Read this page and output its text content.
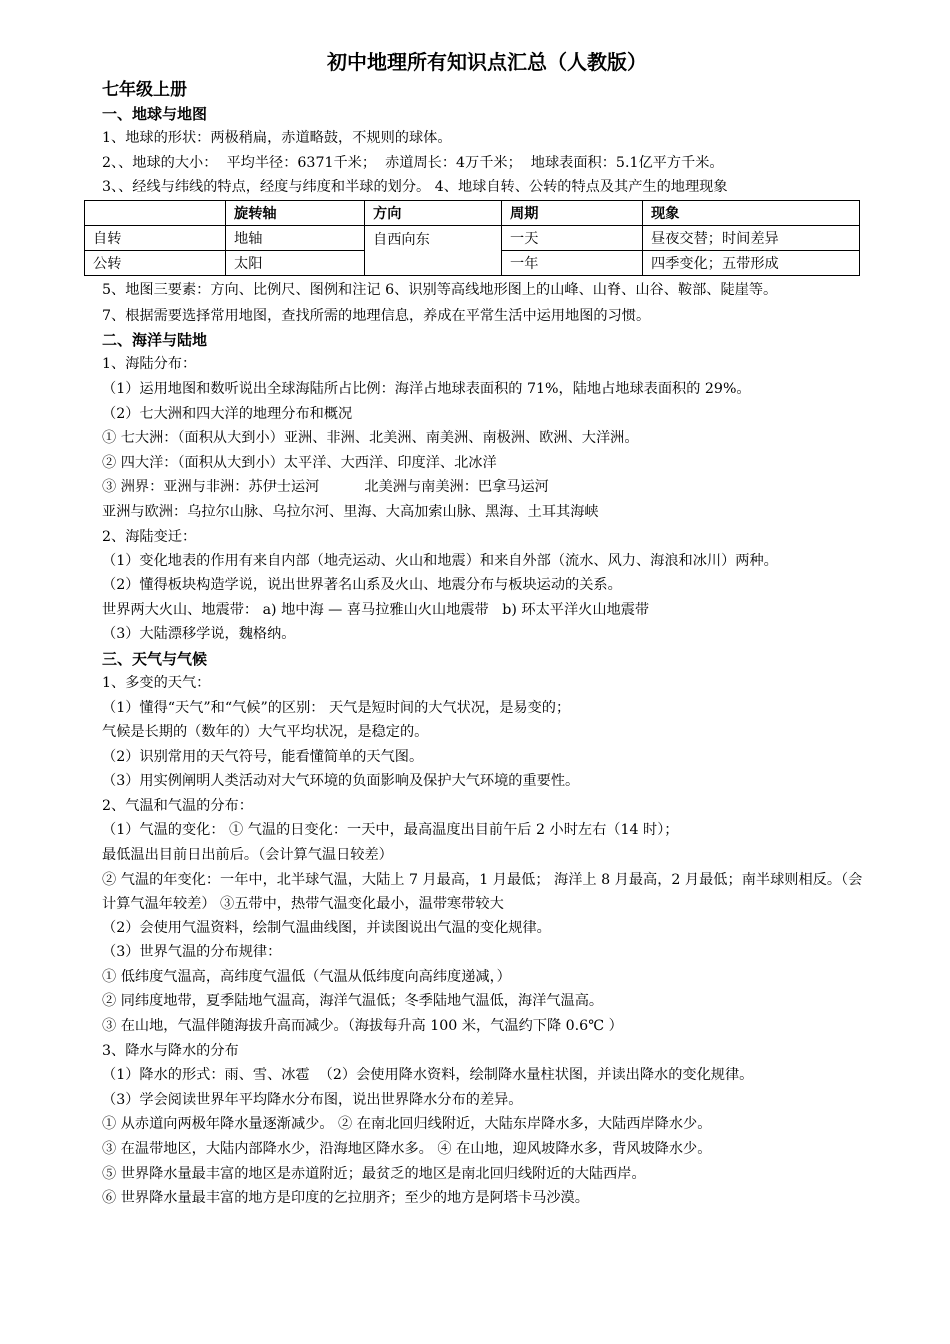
初中地理所有知识点汇总（人教版）
七年级上册
一、地球与地图
1、地球的形状：两极稍扁，赤道略鼓，不规则的球体。
2、、地球的大小：  平均半径：6371千米；  赤道周长：4万千米；  地球表面积：5.1亿平方千米。
3、、经线与纬线的特点，经度与纬度和半球的划分。 4、地球自转、公转的特点及其产生的地理现象
	旋转轴	方向	周期	现象
自转	地轴	自西向东	一天	昼夜交替；时间差异
公转	太阳		一年	四季变化；五带形成
5、地图三要素：方向、比例尺、图例和注记 6、识别等高线地形图上的山峰、山脊、山谷、鞍部、陡崖等。
7、根据需要选择常用地图，查找所需的地理信息，养成在平常生活中运用地图的习惯。
二、海洋与陆地
1、海陆分布：
（1）运用地图和数听说出全球海陆所占比例：海洋占地球表面积的 71%，陆地占地球表面积的 29%。
（2）七大洲和四大洋的地理分布和概况
① 七大洲：（面积从大到小）亚洲、非洲、北美洲、南美洲、南极洲、欧洲、大洋洲。
② 四大洋：（面积从大到小）太平洋、大西洋、印度洋、北冰洋
③ 洲界：亚洲与非洲：苏伊士运河          北美洲与南美洲：巴拿马运河
亚洲与欧洲：乌拉尔山脉、乌拉尔河、里海、大高加索山脉、黑海、土耳其海峡
2、海陆变迁：
（1）变化地表的作用有来自内部（地壳运动、火山和地震）和来自外部（流水、风力、海浪和冰川）两种。
（2）懂得板块构造学说，说出世界著名山系及火山、地震分布与板块运动的关系。
世界两大火山、地震带： a) 地中海 — 喜马拉雅山火山地震带   b) 环太平洋火山地震带
（3）大陆漂移学说，魏格纳。
三、天气与气候
1、多变的天气：
（1）懂得“天气”和“气候”的区别： 天气是短时间的大气状况，是易变的；
气候是长期的（数年的）大气平均状况，是稳定的。
（2）识别常用的天气符号，能看懂简单的天气图。
（3）用实例阐明人类活动对大气环境的负面影响及保护大气环境的重要性。
2、气温和气温的分布：
（1）气温的变化： ① 气温的日变化：一天中，最高温度出目前午后 2 小时左右（14 时）；
最低温出目前日出前后。（会计算气温日较差）
② 气温的年变化：一年中，北半球气温，大陆上 7 月最高，1 月最低； 海洋上 8 月最高，2 月最低；南半球则相反。（会计算气温年较差） ③五带中，热带气温变化最小，温带寒带较大
（2）会使用气温资料，绘制气温曲线图，并读图说出气温的变化规律。
（3）世界气温的分布规律：
① 低纬度气温高，高纬度气温低（气温从低纬度向高纬度递减，）
② 同纬度地带，夏季陆地气温高，海洋气温低；冬季陆地气温低，海洋气温高。
③ 在山地，气温伴随海拔升高而减少。（海拔每升高 100 米，气温约下降 0.6℃ ）
3、降水与降水的分布
（1）降水的形式：雨、雪、冰雹  （2）会使用降水资料，绘制降水量柱状图，并读出降水的变化规律。
（3）学会阅读世界年平均降水分布图，说出世界降水分布的差异。
① 从赤道向两极年降水量逐渐减少。 ② 在南北回归线附近，大陆东岸降水多，大陆西岸降水少。
③ 在温带地区，大陆内部降水少，沿海地区降水多。 ④ 在山地，迎风坡降水多，背风坡降水少。
⑤ 世界降水量最丰富的地区是赤道附近；最贫乏的地区是南北回归线附近的大陆西岸。
⑥ 世界降水量最丰富的地方是印度的乞拉朋齐；至少的地方是阿塔卡马沙漠。
